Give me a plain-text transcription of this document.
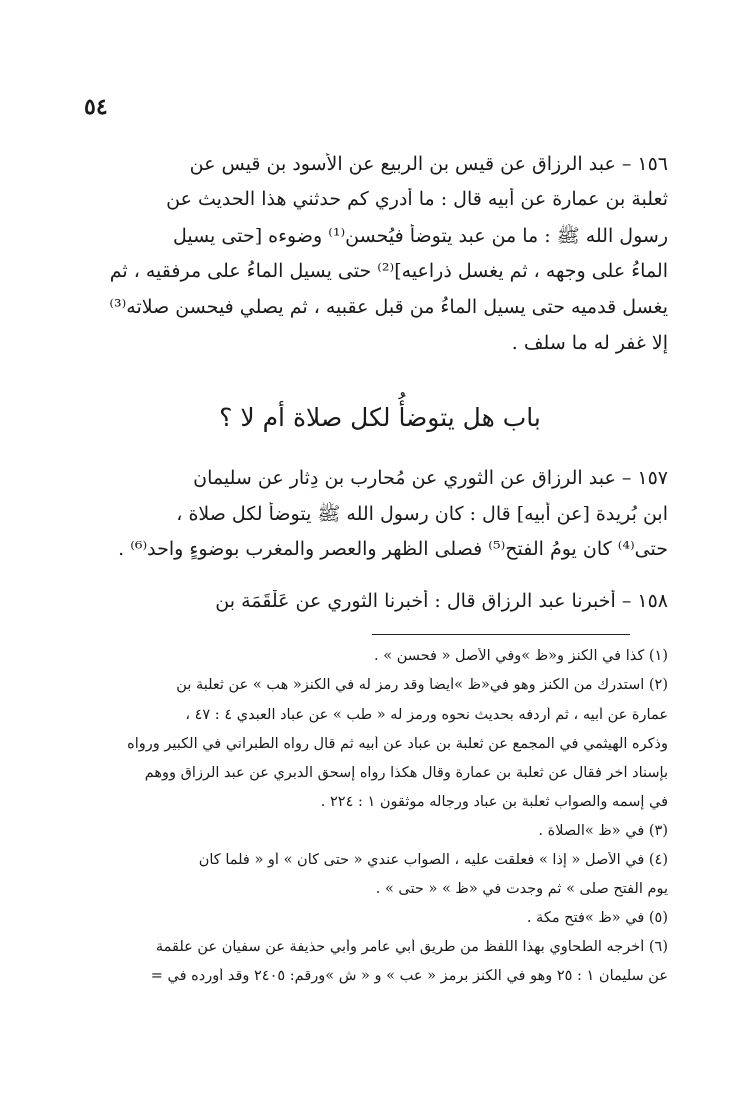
٥٤
١٥٦ – عبد الرزاق عن قيس بن الربيع عن الأسود بن قيس عن
ثعلبة بن عمارة عن أبيه قال : ما أدري كم حدثني هذا الحديث عن
رسول الله ﷺ : ما من عبد يتوضأُ فيُحسن⁽¹⁾ وضوءه [حتى يسيل
الماءُ على وجهه ، ثم يغسل ذراعيه]⁽²⁾ حتى يسيل الماءُ على مرفقيه ، ثم
يغسل قدميه حتى يسيل الماءُ من قبل عقبيه ، ثم يصلي فيحسن صلاته⁽³⁾
إلا غفر له ما سلف .
باب هل يتوضأُ لكل صلاة أم لا ؟
١٥٧ – عبد الرزاق عن الثوري عن مُحارب بن دِثار عن سليمان
ابن بُريدة [عن أبيه] قال : كان رسول الله ﷺ يتوضأُ لكل صلاة ،
حتى⁽⁴⁾ كان يومُ الفتح⁽⁵⁾ فصلى الظهر والعصر والمغرب بوضوءٍ واحد⁽⁶⁾ .
١٥٨ – أخبرنا عبد الرزاق قال : أخبرنا الثوري عن عَلْقَمَة بن
(١) كذا في الكنز و«ظ »وفي الأصل « فحسن » .
(٢) استدرك من الكنز وهو في«ظ »أيضاً وقد رمز له في الكنز« هب » عن ثعلبة بن
عمارة عن أبيه ، ثم أردفه بحديث نحوه ورمز له « طب » عن عباد العبدي ٤ : ٤٧ ،
وذكره الهيثمي في المجمع عن ثعلبة بن عباد عن أبيه ثم قال رواه الطبراني في الكبير ورواه
بإسناد آخر فقال عن ثعلبة بن عمارة وقال هكذا رواه إسحق الدبري عن عبد الرزاق ووهم
في إسمه والصواب ثعلبة بن عباد ورجاله موثقون ١ : ٢٢٤ .
(٣) في «ظ »الصلاة .
(٤) في الأصل « إذا » فعلقت عليه ، الصواب عندي « حتى كان » أو « فلما كان
يوم الفتح صلى » ثم وجدت في «ظ » « حتى » .
(٥) في «ظ »فتح مكة .
(٦) أخرجه الطحاوي بهذا اللفظ من طريق أبي عامر وأبي حذيفة عن سفيان عن علقمة
عن سليمان ١ : ٢٥ وهو في الكنز برمز « عب » و « ش »ورقم: ٢٤٠٥ وقد أورده في =
